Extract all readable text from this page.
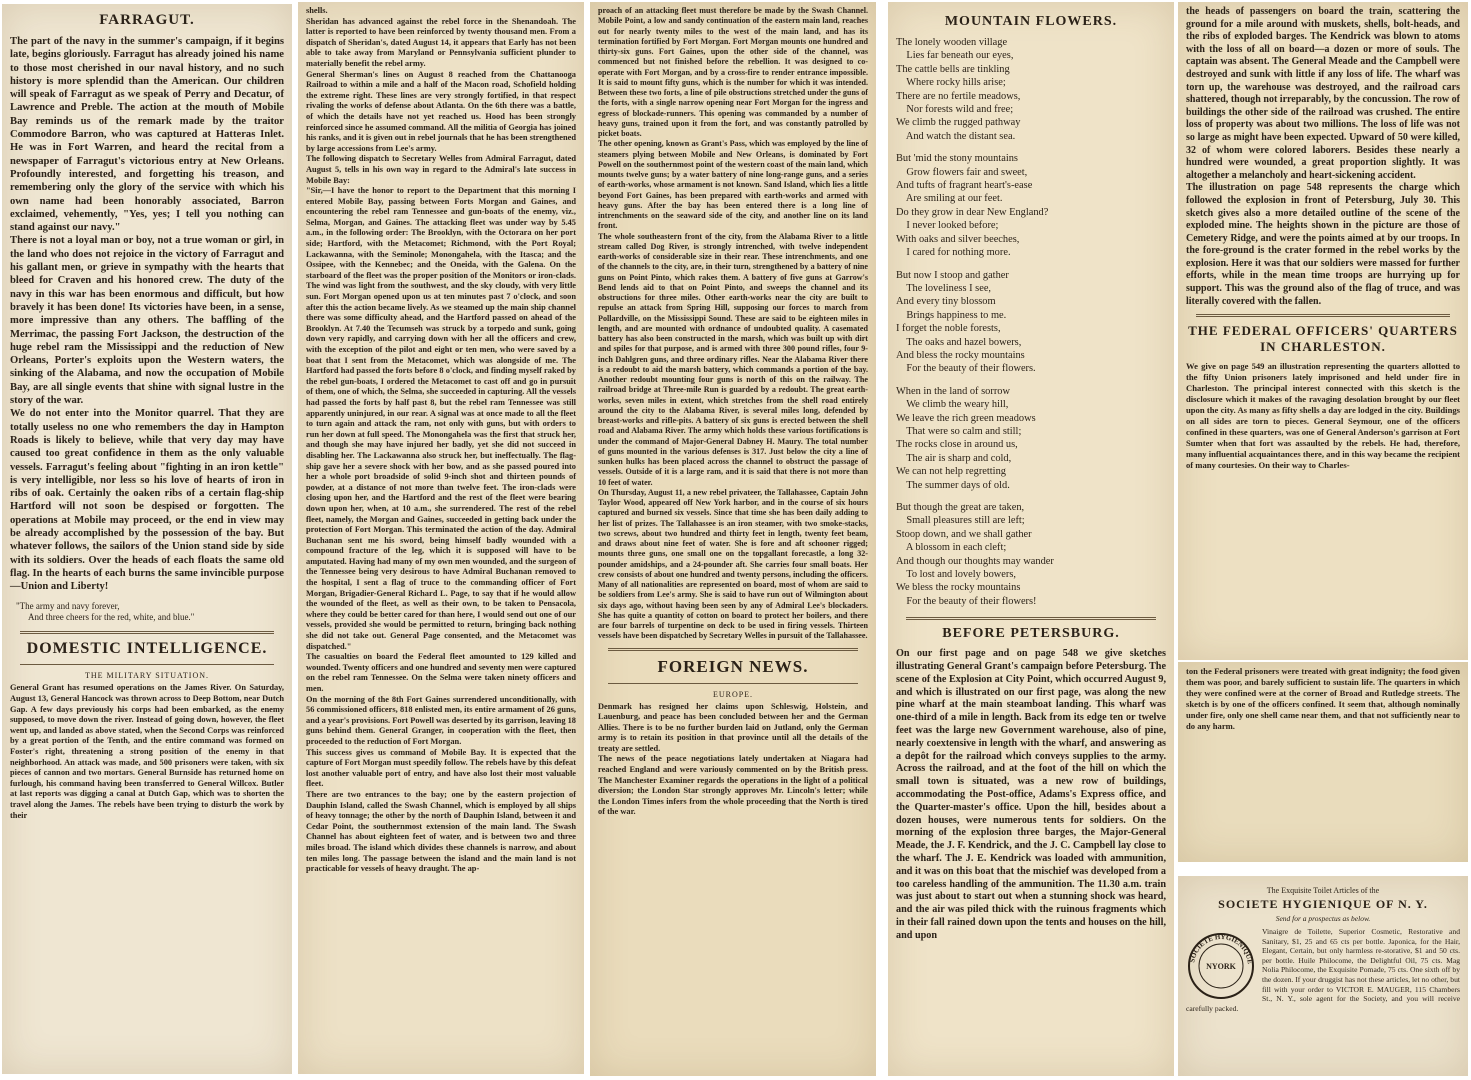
FARRAGUT.

The part of the navy in the summer's campaign, if it begins late, begins gloriously. Farragut has already joined his name to those most cherished in our naval history, and no such history is more splendid than the American. Our children will speak of Farragut as we speak of Perry and Decatur, of Lawrence and Preble. The action at the mouth of Mobile Bay reminds us of the remark made by the traitor Commodore Barron, who was captured at Hatteras Inlet. He was in Fort Warren, and heard the recital from a newspaper of Farragut's victorious entry at New Orleans. Profoundly interested, and forgetting his treason, and remembering only the glory of the service with which his own name had been honorably associated, Barron exclaimed, vehemently, "Yes, yes; I tell you nothing can stand against our navy."
There is not a loyal man or boy, not a true woman or girl, in the land who does not rejoice in the victory of Farragut and his gallant men, or grieve in sympathy with the hearts that bleed for Craven and his honored crew. The duty of the navy in this war has been enormous and difficult, but how bravely it has been done! Its victories have been, in a sense, more impressive than any others. The baffling of the Merrimac, the passing Fort Jackson, the destruction of the huge rebel ram the Mississippi and the reduction of New Orleans, Porter's exploits upon the Western waters, the sinking of the Alabama, and now the occupation of Mobile Bay, are all single events that shine with signal lustre in the story of the war.
We do not enter into the Monitor quarrel. That they are totally useless no one who remembers the day in Hampton Roads is likely to believe, while that very day may have caused too great confidence in them as the only valuable vessels. Farragut's feeling about "fighting in an iron kettle" is very intelligible, nor less so his love of hearts of iron in ribs of oak. Certainly the oaken ribs of a certain flag-ship Hartford will not soon be despised or forgotten. The operations at Mobile may proceed, or the end in view may be already accomplished by the possession of the bay. But whatever follows, the sailors of the Union stand side by side with its soldiers. Over the heads of each floats the same old flag. In the hearts of each burns the same invincible purpose—Union and Liberty!

"The army and navy forever,
And three cheers for the red, white, and blue."
DOMESTIC INTELLIGENCE.
THE MILITARY SITUATION.

General Grant has resumed operations on the James River. On Saturday, August 13, General Hancock was thrown across to Deep Bottom, near Dutch Gap. A few days previously his corps had been embarked, as the enemy supposed, to move down the river. Instead of going down, however, the fleet went up, and landed as above stated, when the Second Corps was reinforced by a great portion of the Tenth, and the entire command was formed on Foster's right, threatening a strong position of the enemy in that neighborhood. An attack was made, and 500 prisoners were taken, with six pieces of cannon and two mortars. General Burnside has returned home on furlough, his command having been transferred to General Willcox. Butler at last reports was digging a canal at Dutch Gap, which was to shorten the travel along the James. The rebels have been trying to disturb the work by their

shells.
Sheridan has advanced against the rebel force in the Shenandoah. The latter is reported to have been reinforced by twenty thousand men. From a dispatch of Sheridan's, dated August 14, it appears that Early has not been able to take away from Maryland or Pennsylvania sufficient plunder to materially benefit the rebel army.
General Sherman's lines on August 8 reached from the Chattanooga Railroad to within a mile and a half of the Macon road, Schofield holding the extreme right. These lines are very strongly fortified, in that respect rivaling the works of defense about Atlanta. On the 6th there was a battle, of which the details have not yet reached us. Hood has been strongly reinforced since he assumed command. All the militia of Georgia has joined his ranks, and it is given out in rebel journals that he has been strengthened by large accessions from Lee's army.
The following dispatch to Secretary Welles from Admiral Farragut, dated August 5, tells in his own way in regard to the Admiral's late success in Mobile Bay:
"Sir,—I have the honor to report to the Department that this morning I entered Mobile Bay, passing between Forts Morgan and Gaines, and encountering the rebel ram Tennessee and gun-boats of the enemy, viz., Selma, Morgan, and Gaines. The attacking fleet was under way by 5.45 a.m., in the following order: The Brooklyn, with the Octorara on her port side; Hartford, with the Metacomet; Richmond, with the Port Royal; Lackawanna, with the Seminole; Monongahela, with the Itasca; and the Ossipee, with the Kennebec; and the Oneida, with the Galena. On the starboard of the fleet was the proper position of the Monitors or iron-clads. The wind was light from the southwest, and the sky cloudy, with very little sun. Fort Morgan opened upon us at ten minutes past 7 o'clock, and soon after this the action became lively. As we steamed up the main ship channel there was some difficulty ahead, and the Hartford passed on ahead of the Brooklyn. At 7.40 the Tecumseh was struck by a torpedo and sunk, going down very rapidly, and carrying down with her all the officers and crew, with the exception of the pilot and eight or ten men, who were saved by a boat that I sent from the Metacomet, which was alongside of me. The Hartford had passed the forts before 8 o'clock, and finding myself raked by the rebel gun-boats, I ordered the Metacomet to cast off and go in pursuit of them, one of which, the Selma, she succeeded in capturing. All the vessels had passed the forts by half past 8, but the rebel ram Tennessee was still apparently uninjured, in our rear. A signal was at once made to all the fleet to turn again and attack the ram, not only with guns, but with orders to run her down at full speed. The Monongahela was the first that struck her, and though she may have injured her badly, yet she did not succeed in disabling her. The Lackawanna also struck her, but ineffectually. The flag-ship gave her a severe shock with her bow, and as she passed poured into her a whole port broadside of solid 9-inch shot and thirteen pounds of powder, at a distance of not more than twelve feet. The iron-clads were closing upon her, and the Hartford and the rest of the fleet were bearing down upon her, when, at 10 a.m., she surrendered. The rest of the rebel fleet, namely, the Morgan and Gaines, succeeded in getting back under the protection of Fort Morgan. This terminated the action of the day. Admiral Buchanan sent me his sword, being himself badly wounded with a compound fracture of the leg, which it is supposed will have to be amputated. Having had many of my own men wounded, and the surgeon of the Tennessee being very desirous to have Admiral Buchanan removed to the hospital, I sent a flag of truce to the commanding officer of Fort Morgan, Brigadier-General Richard L. Page, to say that if he would allow the wounded of the fleet, as well as their own, to be taken to Pensacola, where they could be better cared for than here, I would send out one of our vessels, provided she would be permitted to return, bringing back nothing she did not take out. General Page consented, and the Metacomet was dispatched."
The casualties on board the Federal fleet amounted to 129 killed and wounded. Twenty officers and one hundred and seventy men were captured on the rebel ram Tennessee. On the Selma were taken ninety officers and men.
On the morning of the 8th Fort Gaines surrendered unconditionally, with 56 commissioned officers, 818 enlisted men, its entire armament of 26 guns, and a year's provisions. Fort Powell was deserted by its garrison, leaving 18 guns behind them. General Granger, in cooperation with the fleet, then proceeded to the reduction of Fort Morgan.
This success gives us command of Mobile Bay. It is expected that the capture of Fort Morgan must speedily follow. The rebels have by this defeat lost another valuable port of entry, and have also lost their most valuable fleet.
There are two entrances to the bay; one by the eastern projection of Dauphin Island, called the Swash Channel, which is employed by all ships of heavy tonnage; the other by the north of Dauphin Island, between it and Cedar Point, the southernmost extension of the main land. The Swash Channel has about eighteen feet of water, and is between two and three miles broad. The island which divides these channels is narrow, and about ten miles long. The passage between the island and the main land is not practicable for vessels of heavy draught. The ap-

proach of an attacking fleet must therefore be made by the Swash Channel. Mobile Point, a low and sandy continuation of the eastern main land, reaches out for nearly twenty miles to the west of the main land, and has its termination fortified by Fort Morgan. Fort Morgan mounts one hundred and thirty-six guns. Fort Gaines, upon the other side of the channel, was commenced but not finished before the rebellion. It was designed to co-operate with Fort Morgan, and by a cross-fire to render entrance impossible. It is said to mount fifty guns, which is the number for which it was intended. Between these two forts, a line of pile obstructions stretched under the guns of the forts, with a single narrow opening near Fort Morgan for the ingress and egress of blockade-runners. This opening was commanded by a number of heavy guns, trained upon it from the fort, and was constantly patrolled by picket boats.
The other opening, known as Grant's Pass, which was employed by the line of steamers plying between Mobile and New Orleans, is dominated by Fort Powell on the southernmost point of the western coast of the main land, which mounts twelve guns; by a water battery of nine long-range guns, and a series of earth-works, whose armament is not known. Sand Island, which lies a little beyond Fort Gaines, has been prepared with earth-works and armed with heavy guns. After the bay has been entered there is a long line of intrenchments on the seaward side of the city, and another line on its land front.
The whole southeastern front of the city, from the Alabama River to a little stream called Dog River, is strongly intrenched, with twelve independent earth-works of considerable size in their rear. These intrenchments, and one of the channels to the city, are, in their turn, strengthened by a battery of nine guns on Point Pinto, which rakes them. A battery of five guns at Garrow's Bend lends aid to that on Point Pinto, and sweeps the channel and its obstructions for three miles. Other earth-works near the city are built to repulse an attack from Spring Hill, supposing our forces to march from Pollardville, on the Mississippi Sound. These are said to be eighteen miles in length, and are mounted with ordnance of undoubted quality. A casemated battery has also been constructed in the marsh, which was built up with dirt and spiles for that purpose, and is armed with three 300 pound rifles, four 9-inch Dahlgren guns, and three ordinary rifles. Near the Alabama River there is a redoubt to aid the marsh battery, which commands a portion of the bay. Another redoubt mounting four guns is north of this on the railway. The railroad bridge at Three-mile Run is guarded by a redoubt. The great earth-works, seven miles in extent, which stretches from the shell road entirely around the city to the Alabama River, is several miles long, defended by breast-works and rifle-pits. A battery of six guns is erected between the shell road and Alabama River. The army which holds these various fortifications is under the command of Major-General Dabney H. Maury. The total number of guns mounted in the various defenses is 317. Just below the city a line of sunken hulks has been placed across the channel to obstruct the passage of vessels. Outside of it is a large ram, and it is said that there is not more than 10 feet of water.
On Thursday, August 11, a new rebel privateer, the Tallahassee, Captain John Taylor Wood, appeared off New York harbor, and in the course of six hours captured and burned six vessels. Since that time she has been daily adding to her list of prizes. The Tallahassee is an iron steamer, with two smoke-stacks, two screws, about two hundred and thirty feet in length, twenty feet beam, and draws about nine feet of water. She is fore and aft schooner rigged; mounts three guns, one small one on the topgallant forecastle, a long 32-pounder amidships, and a 24-pounder aft. She carries four small boats. Her crew consists of about one hundred and twenty persons, including the officers. Many of all nationalities are represented on board, most of whom are said to be soldiers from Lee's army. She is said to have run out of Wilmington about six days ago, without having been seen by any of Admiral Lee's blockaders. She has quite a quantity of cotton on board to protect her boilers, and there are four barrels of turpentine on deck to be used in firing vessels. Thirteen vessels have been dispatched by Secretary Welles in pursuit of the Tallahassee.

FOREIGN NEWS.
EUROPE.

Denmark has resigned her claims upon Schleswig, Holstein, and Lauenburg, and peace has been concluded between her and the German Allies. There is to be no further burden laid on Jutland, only the German army is to retain its position in that province until all the details of the treaty are settled.
The news of the peace negotiations lately undertaken at Niagara had reached England and were variously commented on by the British press. The Manchester Examiner regards the operations in the light of a political diversion; the London Star strongly approves Mr. Lincoln's letter; while the London Times infers from the whole proceeding that the North is tired of the war.

MOUNTAIN FLOWERS.
The lonely wooden village
Lies far beneath our eyes,
The cattle bells are tinkling
Where rocky hills arise;
There are no fertile meadows,
Nor forests wild and free;
We climb the rugged pathway
And watch the distant sea.
But 'mid the stony mountains
Grow flowers fair and sweet,
And tufts of fragrant heart's-ease
Are smiling at our feet.
Do they grow in dear New England?
I never looked before;
With oaks and silver beeches,
I cared for nothing more.
But now I stoop and gather
The loveliness I see,
And every tiny blossom
Brings happiness to me.
I forget the noble forests,
The oaks and hazel bowers,
And bless the rocky mountains
For the beauty of their flowers.
When in the land of sorrow
We climb the weary hill,
We leave the rich green meadows
That were so calm and still;
The rocks close in around us,
The air is sharp and cold,
We can not help regretting
The summer days of old.
But though the great are taken,
Small pleasures still are left;
Stoop down, and we shall gather
A blossom in each cleft;
And though our thoughts may wander
To lost and lovely bowers,
We bless the rocky mountains
For the beauty of their flowers!
BEFORE PETERSBURG.

On our first page and on page 548 we give sketches illustrating General Grant's campaign before Petersburg. The scene of the Explosion at City Point, which occurred August 9, and which is illustrated on our first page, was along the new pine wharf at the main steamboat landing. This wharf was one-third of a mile in length. Back from its edge ten or twelve feet was the large new Government warehouse, also of pine, nearly coextensive in length with the wharf, and answering as a depôt for the railroad which conveys supplies to the army. Across the railroad, and at the foot of the hill on which the small town is situated, was a new row of buildings, accommodating the Post-office, Adams's Express office, and the Quarter-master's office. Upon the hill, besides about a dozen houses, were numerous tents for soldiers. On the morning of the explosion three barges, the Major-General Meade, the J. F. Kendrick, and the J. C. Campbell lay close to the wharf. The J. E. Kendrick was loaded with ammunition, and it was on this boat that the mischief was developed from a too careless handling of the ammunition. The 11.30 a.m. train was just about to start out when a stunning shock was heard, and the air was piled thick with the ruinous fragments which in their fall rained down upon the tents and houses on the hill, and upon

the heads of passengers on board the train, scattering the ground for a mile around with muskets, shells, bolt-heads, and the ribs of exploded barges. The Kendrick was blown to atoms with the loss of all on board—a dozen or more of souls. The captain was absent. The General Meade and the Campbell were destroyed and sunk with little if any loss of life. The wharf was torn up, the warehouse was destroyed, and the railroad cars shattered, though not irreparably, by the concussion. The row of buildings the other side of the railroad was crushed. The entire loss of property was about two millions. The loss of life was not so large as might have been expected. Upward of 50 were killed, 32 of whom were colored laborers. Besides these nearly a hundred were wounded, a great proportion slightly. It was altogether a melancholy and heart-sickening accident.
The illustration on page 548 represents the charge which followed the explosion in front of Petersburg, July 30. This sketch gives also a more detailed outline of the scene of the exploded mine. The heights shown in the picture are those of Cemetery Ridge, and were the points aimed at by our troops. In the fore-ground is the crater formed in the rebel works by the explosion. Here it was that our soldiers were massed for further efforts, while in the mean time troops are hurrying up for support. This was the ground also of the flag of truce, and was literally covered with the fallen.

THE FEDERAL OFFICERS' QUARTERS IN CHARLESTON.

We give on page 549 an illustration representing the quarters allotted to the fifty Union prisoners lately imprisoned and held under fire in Charleston. The principal interest connected with this sketch is the disclosure which it makes of the ravaging desolation brought by our fleet upon the city. As many as fifty shells a day are lodged in the city. Buildings on all sides are torn to pieces. General Seymour, one of the officers confined in these quarters, was one of General Anderson's garrison at Fort Sumter when that fort was assaulted by the rebels. He had, therefore, many influential acquaintances there, and in this way became the recipient of many courtesies. On their way to Charles-

ton the Federal prisoners were treated with great indignity; the food given them was poor, and barely sufficient to sustain life. The quarters in which they were confined were at the corner of Broad and Rutledge streets. The sketch is by one of the officers confined. It seem that, although nominally under fire, only one shell came near them, and that not sufficiently near to do any harm.

The Exquisite Toilet Articles of the
SOCIETE HYGIENIQUE OF N. Y.
Send for a prospectus as below.
SOCIETE HYGIENIQUE
NYORK
Vinaigre de Toilette, Superior Cosmetic, Restorative and Sanitary, $1, 25 and 65 cts per bottle. Japonica, for the Hair, Elegant, Certain, but only harmless re-storative, $1 and 50 cts. per bottle. Huile Philocome, the Delightful Oil, 75 cts. Mag Nolia Philocome, the Exquisite Pomade, 75 cts. One sixth off by the dozen. If your druggist has not these articles, let no other, but fill with your order to VICTOR E. MAUGER, 115 Chambers St., N. Y., sole agent for the Society, and you will receive carefully packed.
